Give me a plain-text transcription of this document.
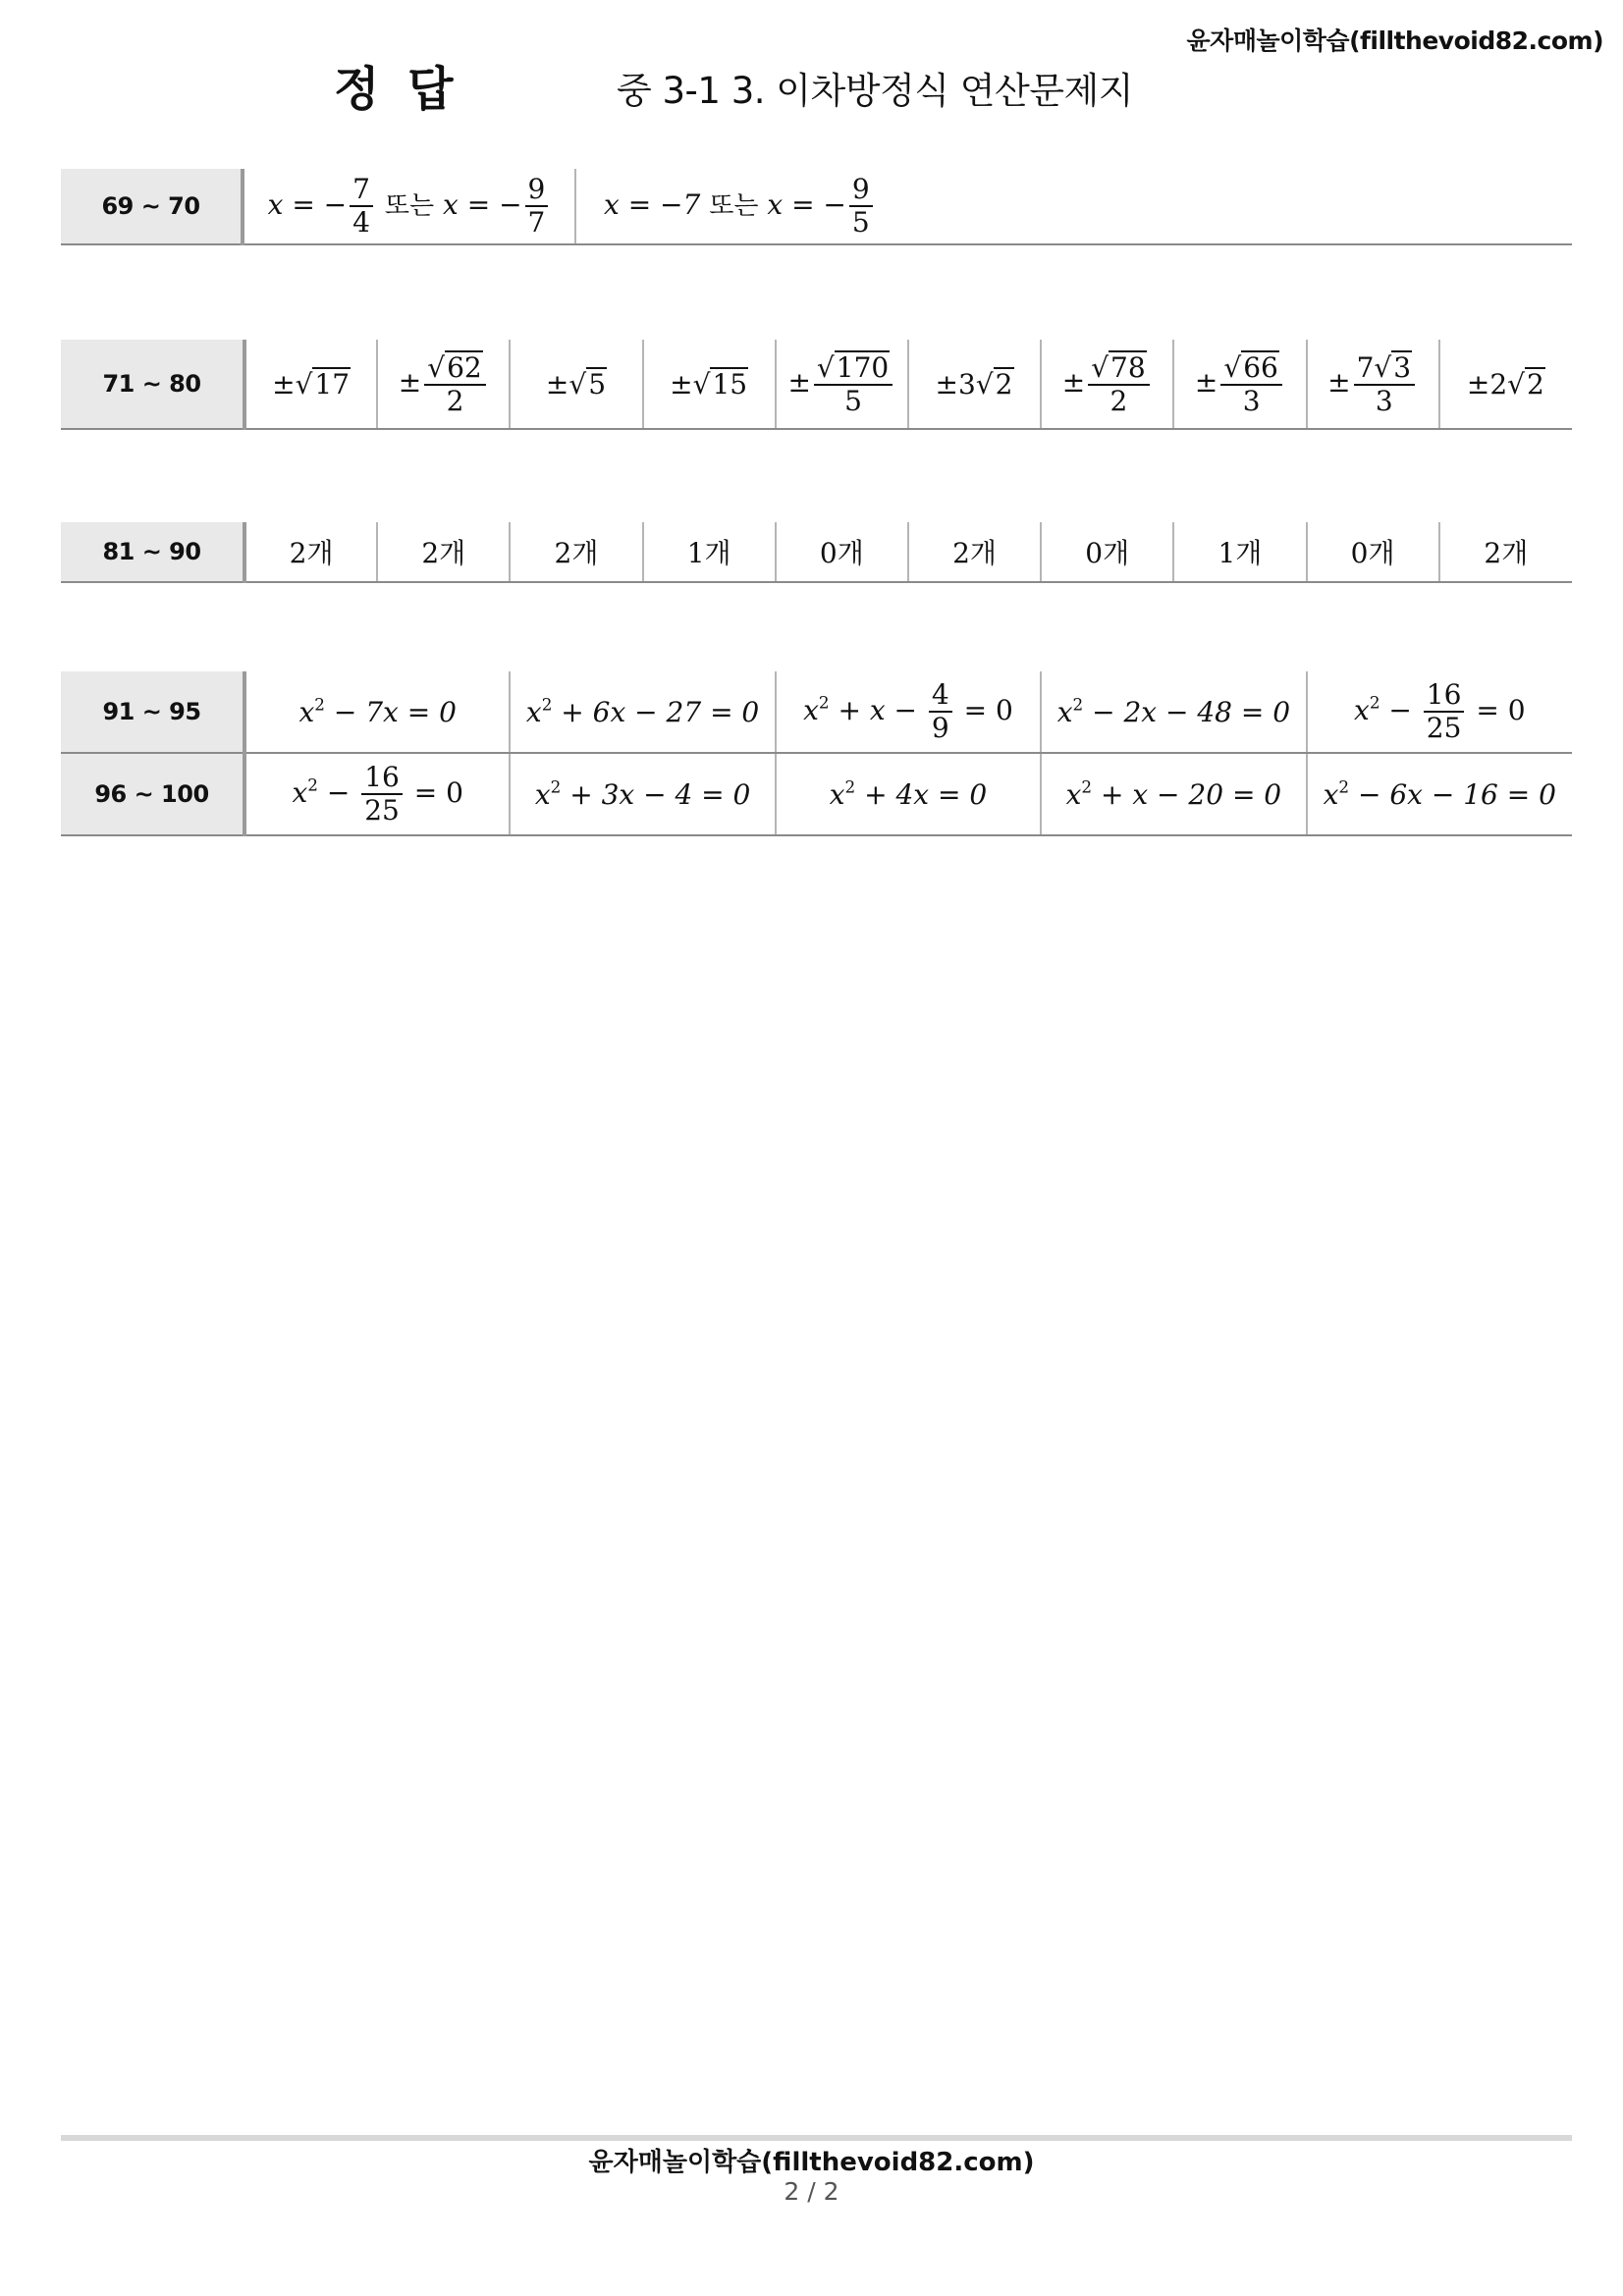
윤자매놀이학습(fillthevoid82.com)
정 답	중 3-1 3. 이차방정식 연산문제지
69 ~ 70	x = − $\frac{7}{4}$ 또는 x = − $\frac{9}{7}$	x = −7 또는 x = − $\frac{9}{5}$
71 ~ 80	±√17	± $\frac{√62}{2}$	±√5	±√15	± $\frac{√170}{5}$	±3√2	± $\frac{√78}{2}$	± $\frac{√66}{3}$	± $\frac{7√3}{3}$	±2√2
81 ~ 90	2개	2개	2개	1개	0개	2개	0개	1개	0개	2개
91 ~ 95	$x^2 - 7x = 0$	$x^2 + 6x - 27 = 0$	$x^2 + x - \frac{4}{9} = 0$	$x^2 - 2x - 48 = 0$	$x^2 - \frac{16}{25} = 0$
96 ~ 100	$x^2 - \frac{16}{25} = 0$	$x^2 + 3x - 4 = 0$	$x^2 + 4x = 0$	$x^2 + x - 20 = 0$	$x^2 - 6x - 16 = 0$
윤자매놀이학습(fillthevoid82.com)
2 / 2
